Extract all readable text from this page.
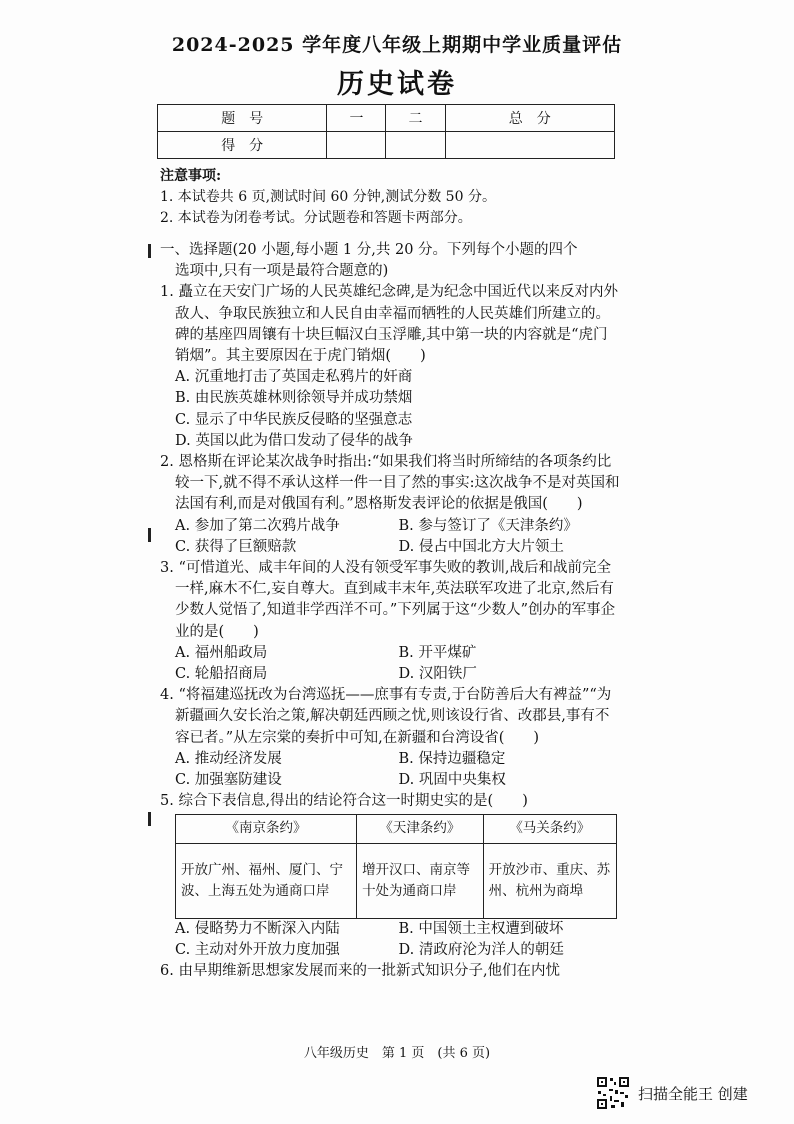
2024-2025 学年度八年级上期期中学业质量评估
历史试卷
题　号	一	二	总　分
得　分			
注意事项:
1. 本试卷共 6 页,测试时间 60 分钟,测试分数 50 分。
2. 本试卷为闭卷考试。分试题卷和答题卡两部分。

一、选择题(20 小题,每小题 1 分,共 20 分。下列每个小题的四个

选项中,只有一项是最符合题意的)

1. 矗立在天安门广场的人民英雄纪念碑,是为纪念中国近代以来反对内外敌人、争取民族独立和人民自由幸福而牺牲的人民英雄们所建立的。碑的基座四周镶有十块巨幅汉白玉浮雕,其中第一块的内容就是“虎门销烟”。其主要原因在于虎门销烟(　　)

A. 沉重地打击了英国走私鸦片的奸商

B. 由民族英雄林则徐领导并成功禁烟

C. 显示了中华民族反侵略的坚强意志

D. 英国以此为借口发动了侵华的战争

2. 恩格斯在评论某次战争时指出:“如果我们将当时所缔结的各项条约比较一下,就不得不承认这样一件一目了然的事实:这次战争不是对英国和法国有利,而是对俄国有利。”恩格斯发表评论的依据是俄国(　　)

A. 参加了第二次鸦片战争	B. 参与签订了《天津条约》
C. 获得了巨额赔款	D. 侵占中国北方大片领土

3. “可惜道光、咸丰年间的人没有领受军事失败的教训,战后和战前完全一样,麻木不仁,妄自尊大。直到咸丰末年,英法联军攻进了北京,然后有少数人觉悟了,知道非学西洋不可。”下列属于这“少数人”创办的军事企业的是(　　)

A. 福州船政局	B. 开平煤矿
C. 轮船招商局	D. 汉阳铁厂

4. “将福建巡抚改为台湾巡抚——庶事有专责,于台防善后大有裨益”“为新疆画久安长治之策,解决朝廷西顾之忧,则该设行省、改郡县,事有不容已者。”从左宗棠的奏折中可知,在新疆和台湾设省(　　)

A. 推动经济发展	B. 保持边疆稳定
C. 加强塞防建设	D. 巩固中央集权

5. 综合下表信息,得出的结论符合这一时期史实的是(　　)

《南京条约》	《天津条约》	《马关条约》
开放广州、福州、厦门、宁波、上海五处为通商口岸	增开汉口、南京等十处为通商口岸	开放沙市、重庆、苏州、杭州为商埠
A. 侵略势力不断深入内陆	B. 中国领土主权遭到破坏
C. 主动对外开放力度加强	D. 清政府沦为洋人的朝廷

6. 由早期维新思想家发展而来的一批新式知识分子,他们在内忧

八年级历史　第 1 页　(共 6 页)
扫描全能王 创建
